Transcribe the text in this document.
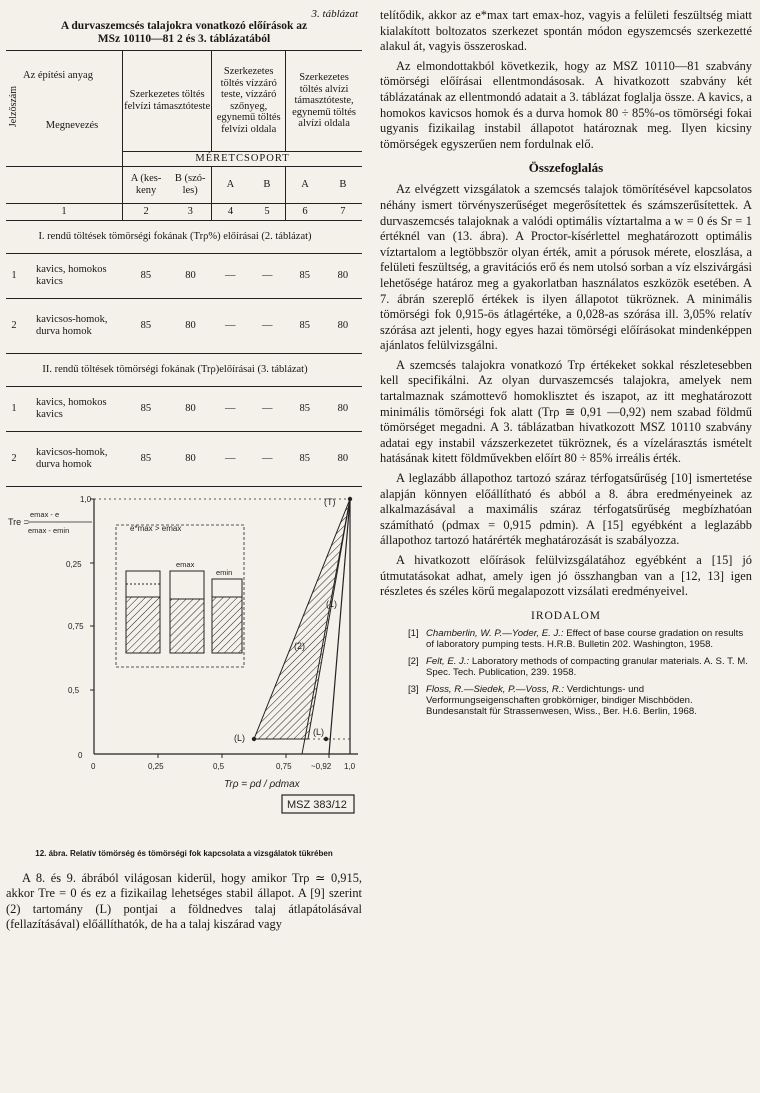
3. táblázat
A durvaszemcsés talajokra vonatkozó előírások az
MSz 10110—81 2 és 3. táblázatából
Jelzőszám	Az építési anyag	Szerkezetes töltés felvízi támasztóteste		Szerkezetes töltés vízzáró teste, vízzáró szőnyeg, egynemű töltés felvízi oldala		Szerkezetes töltés alvízi támasztóteste, egynemű töltés alvízi oldala	
	Megnevezés						
		MÉRETCSOPORT					
		A (kes-keny	B (szó-les)	A	B	A	B
1		2	3	4	5	6	7
I. rendű töltések tömörségi fokának (Trρ%) előírásai (2. táblázat)							
1	kavics, homokos kavics	85	80	—	—	85	80
2	kavicsos-homok, durva homok	85	80	—	—	85	80
II. rendű töltések tömörségi fokának (Trρ)előírásai (3. táblázat)							
1	kavics, homokos kavics	85	80	—	—	85	80
2	kavicsos-homok, durva homok	85	80	—	—	85	80
Tre =
emax - e
emax - emin
0
0,5
0,75
0,25
1,0
0	0,25	0,5	0,75 ~0,92 1,0
Trρ = ρd / ρdmax
e*max > emax
emax
emin
(T)
(1)
(2)
(L)
(L)
MSZ 383/12
12. ábra. Relatív tömörség és tömörségi fok kapcsolata a vizsgálatok tükrében

A 8. és 9. ábrából világosan kiderül, hogy amikor Trρ ≃ 0,915, akkor Tre = 0 és ez a fizikailag lehetséges stabil állapot. A [9] szerint (2) tartomány (L) pontjai a földnedves talaj átlapátolásával (fellazításával) előállíthatók, de ha a talaj kiszárad vagy

telítődik, akkor az e*max tart emax-hoz, vagyis a felületi feszültség miatt kialakított boltozatos szerkezet spontán módon egyszemcsés szerkezetté alakul át, vagyis összeroskad.

Az elmondottakból következik, hogy az MSZ 10110—81 szabvány tömörségi előírásai ellentmondásosak. A hivatkozott szabvány két táblázatának az ellentmondó adatait a 3. táblázat foglalja össze. A kavics, a homokos kavicsos homok és a durva homok 80 ÷ 85%-os tömörségi fokai ugyanis fizikailag instabil állapotot határoznak meg. Ilyen kicsiny tömörségek egyszerűen nem fordulnak elő.

Összefoglalás

Az elvégzett vizsgálatok a szemcsés talajok tömörítésével kapcsolatos néhány ismert törvényszerűséget megerősítettek és számszerűsítettek. A durvaszemcsés talajoknak a valódi optimális víztartalma a w = 0 és Sr = 1 értéknél van (13. ábra). A Proctor-kísérlettel meghatározott optimális víztartalom a legtöbbször olyan érték, amit a pórusok mérete, eloszlása, a felületi feszültség, a gravitációs erő és nem utolsó sorban a víz elszivárgási lehetősége határoz meg a gyakorlatban használatos eszközök esetében. A 7. ábrán szereplő értékek is ilyen állapotot tükröznek. A minimális tömörségi fok 0,915-ös átlagértéke, a 0,028-as szórása ill. 3,05% relatív szórása azt jelenti, hogy egyes hazai tömörségi előírásokat mindenképpen ajánlatos felülvizsgálni.

A szemcsés talajokra vonatkozó Trρ értékeket sokkal részletesebben kell specifikálni. Az olyan durvaszemcsés talajokra, amelyek nem tartalmaznak számottevő homoklisztet és iszapot, az itt meghatározott minimális tömörségi fok alatt (Trρ ≅ 0,91 —0,92) nem szabad földmű tömörséget megadni. A 3. táblázatban hivatkozott MSZ 10110 szabvány adatai egy instabil vázszerkezetet tükröznek, és a vízelárasztás ismételt hatásának kitett földművekben előírt 80 ÷ 85% irreális érték.

A leglazább állapothoz tartozó száraz térfogatsűrűség [10] ismertetése alapján könnyen előállítható és abból a 8. ábra eredményeinek az alkalmazásával a maximális száraz térfogatsűrűség megbízhatóan számítható (ρdmax = 0,915 ρdmin). A [15] egyébként a leglazább állapothoz tartozó határérték meghatározását is szabályozza.

A hivatkozott előírások felülvizsgálatához egyébként a [15] jó útmutatásokat adhat, amely igen jó összhangban van a [12, 13] igen részletes és széles körű megalapozott vizsálati eredményeivel.

IRODALOM
[1] Chamberlin, W. P.—Yoder, E. J.: Effect of base course gradation on results of laboratory pumping tests. H.R.B. Bulletin 202. Washington, 1958.
[2] Felt, E. J.: Laboratory methods of compacting granular materials. A. S. T. M. Spec. Tech. Publication, 239. 1958.
[3] Floss, R.—Siedek, P.—Voss, R.: Verdichtungs- und Verformungseigenschaften grobkörniger, bindiger Mischböden. Bundesanstalt für Strassenwesen, Wiss., Ber. H.6. Berlin, 1968.
